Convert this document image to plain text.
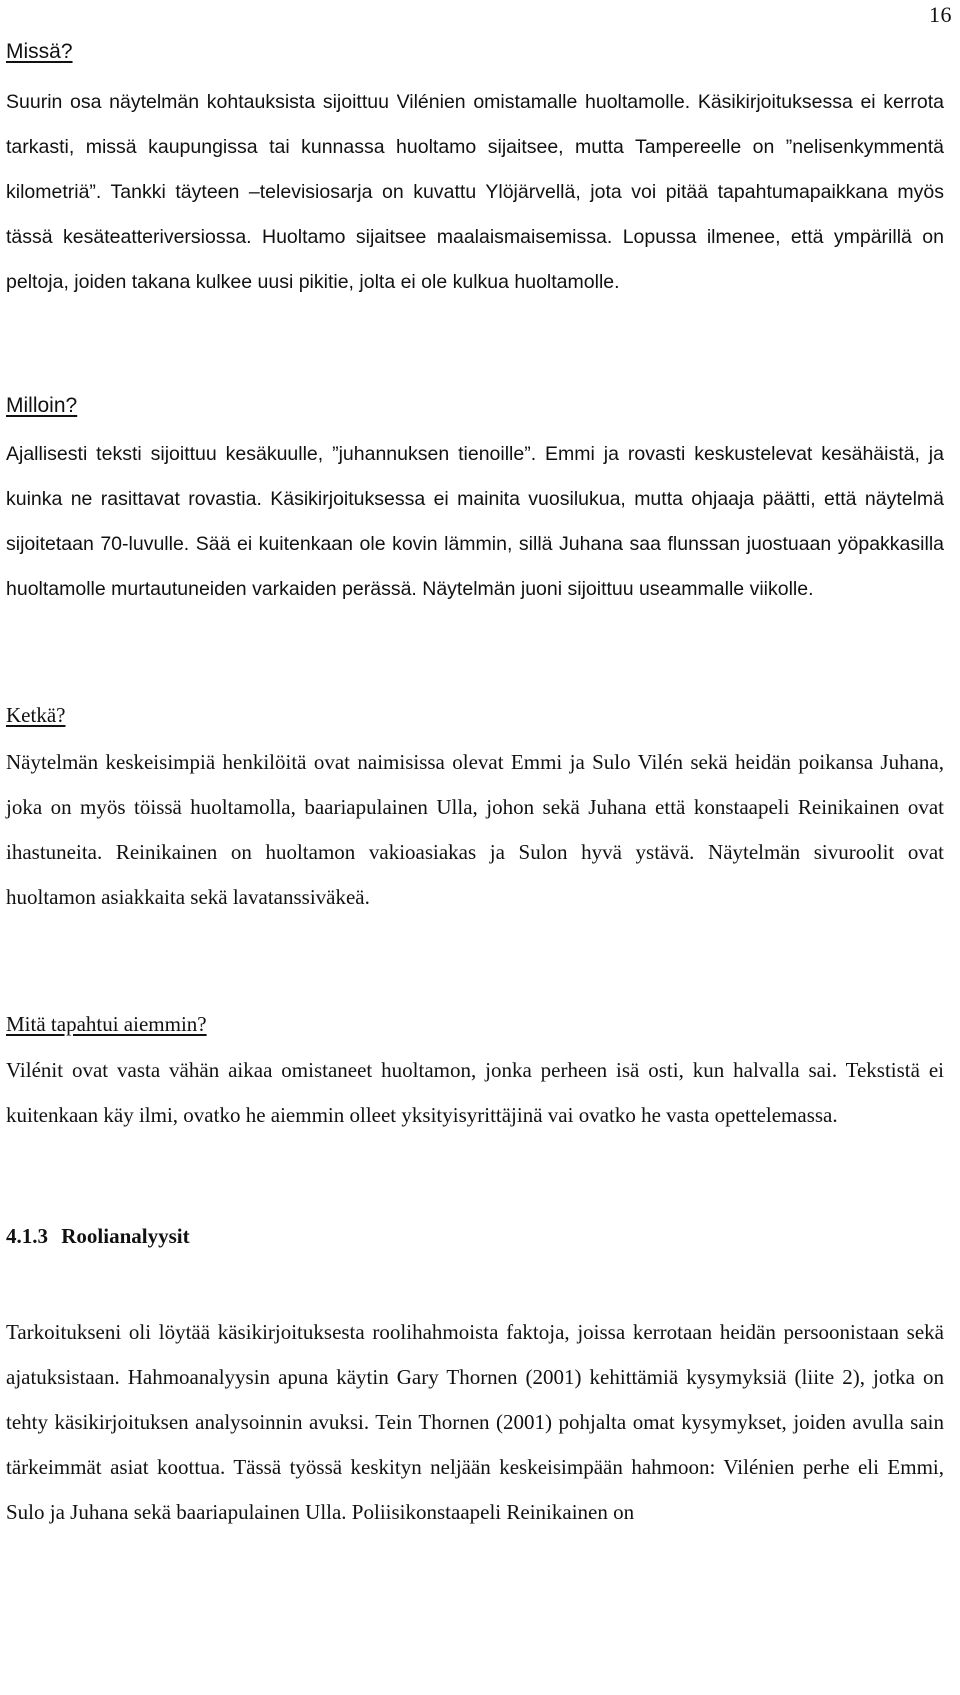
16
Missä?

Suurin osa näytelmän kohtauksista sijoittuu Vilénien omistamalle huoltamolle. Käsikirjoituksessa ei kerrota tarkasti, missä kaupungissa tai kunnassa huoltamo sijaitsee, mutta Tampereelle on ”nelisenkymmentä kilometriä”. Tankki täyteen –televisiosarja on kuvattu Ylöjärvellä, jota voi pitää tapahtumapaikkana myös tässä kesäteatteriversiossa. Huoltamo sijaitsee maalaismaisemissa. Lopussa ilmenee, että ympärillä on peltoja, joiden takana kulkee uusi pikitie, jolta ei ole kulkua huoltamolle.

Milloin?

Ajallisesti teksti sijoittuu kesäkuulle, ”juhannuksen tienoille”. Emmi ja rovasti keskustelevat kesähäistä, ja kuinka ne rasittavat rovastia. Käsikirjoituksessa ei mainita vuosilukua, mutta ohjaaja päätti, että näytelmä sijoitetaan 70-luvulle. Sää ei kuitenkaan ole kovin lämmin, sillä Juhana saa flunssan juostuaan yöpakkasilla huoltamolle murtautuneiden varkaiden perässä. Näytelmän juoni sijoittuu useammalle viikolle.

Ketkä?

Näytelmän keskeisimpiä henkilöitä ovat naimisissa olevat Emmi ja Sulo Vilén sekä heidän poikansa Juhana, joka on myös töissä huoltamolla, baariapulainen Ulla, johon sekä Juhana että konstaapeli Reinikainen ovat ihastuneita. Reinikainen on huoltamon vakioasiakas ja Sulon hyvä ystävä. Näytelmän sivuroolit ovat huoltamon asiakkaita sekä lavatanssiväkeä.

Mitä tapahtui aiemmin?

Vilénit ovat vasta vähän aikaa omistaneet huoltamon, jonka perheen isä osti, kun halvalla sai. Tekstistä ei kuitenkaan käy ilmi, ovatko he aiemmin olleet yksityisyrittäjinä vai ovatko he vasta opettelemassa.

4.1.3 Roolianalyysit

Tarkoitukseni oli löytää käsikirjoituksesta roolihahmoista faktoja, joissa kerrotaan heidän persoonistaan sekä ajatuksistaan. Hahmoanalyysin apuna käytin Gary Thornen (2001) kehittämiä kysymyksiä (liite 2), jotka on tehty käsikirjoituksen analysoinnin avuksi. Tein Thornen (2001) pohjalta omat kysymykset, joiden avulla sain tärkeimmät asiat koottua. Tässä työssä keskityn neljään keskeisimpään hahmoon: Vilénien perhe eli Emmi, Sulo ja Juhana sekä baariapulainen Ulla. Poliisikonstaapeli Reinikainen on
